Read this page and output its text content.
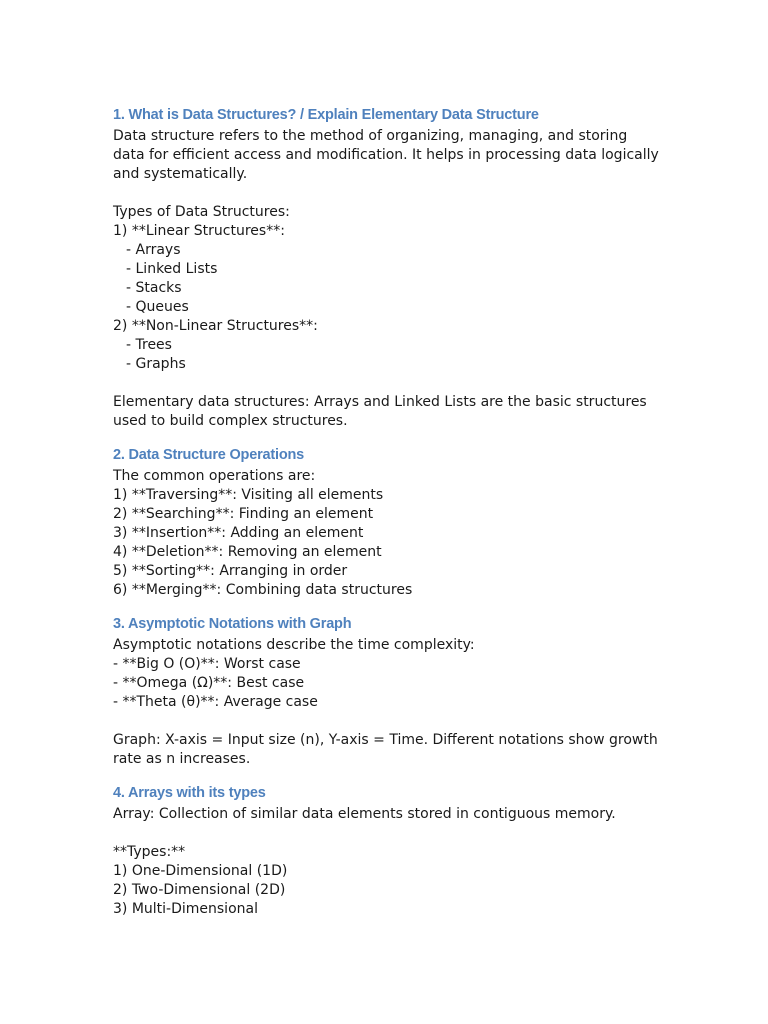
1. What is Data Structures? / Explain Elementary Data Structure
Data structure refers to the method of organizing, managing, and storing
data for efficient access and modification. It helps in processing data logically
and systematically.
Types of Data Structures:
1) **Linear Structures**:
- Arrays
- Linked Lists
- Stacks
- Queues
2) **Non-Linear Structures**:
- Trees
- Graphs
Elementary data structures: Arrays and Linked Lists are the basic structures
used to build complex structures.
2. Data Structure Operations
The common operations are:
1) **Traversing**: Visiting all elements
2) **Searching**: Finding an element
3) **Insertion**: Adding an element
4) **Deletion**: Removing an element
5) **Sorting**: Arranging in order
6) **Merging**: Combining data structures
3. Asymptotic Notations with Graph
Asymptotic notations describe the time complexity:
- **Big O (O)**: Worst case
- **Omega (Ω)**: Best case
- **Theta (θ)**: Average case
Graph: X-axis = Input size (n), Y-axis = Time. Different notations show growth
rate as n increases.
4. Arrays with its types
Array: Collection of similar data elements stored in contiguous memory.
**Types:**
1) One-Dimensional (1D)
2) Two-Dimensional (2D)
3) Multi-Dimensional
